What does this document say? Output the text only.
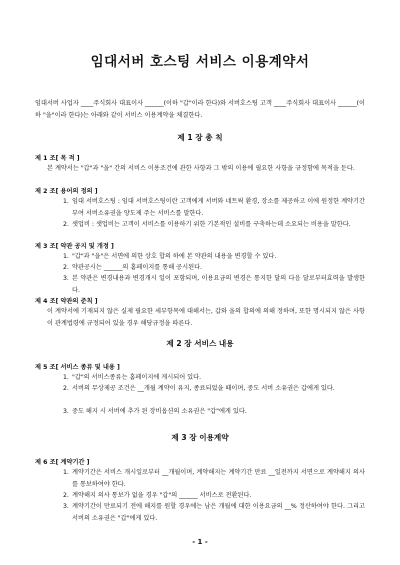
임대서버 호스팅 서비스 이용계약서
임대서버 사업자 ____주식회사 대표이사 ______(이하 "갑"이라 한다)와 서버호스팅 고객 ____주식회사 대표이사 ______(이하 "을"이라 한다)는 아래와 같이 서비스 이용계약을 체결한다.
제 1 장 총 칙
제 1 조[ 목 적 ]
본 계약서는 "갑"과 "을" 간의 서비스 이용조건에 관한 사항과 그 밖의 이용에 필요한 사항을 규정함에 목적을 둔다.
제 2 조[ 용어의 정의 ]
1. 임대 서버호스팅 : 임대 서버호스팅이란 고객에게 서버와 네트웍 환경, 장소를 제공하고 이에 원정한 계약기간 부여 서버소유권을 양도제 주는 서비스를 말한다.
2. 셋업비 : 셋업비는 고객이 서비스를 이용하기 위한 기본적인 설비를 구축하는데 소요되는 비용을 말한다.
제 3 조[ 약관 공지 및 개정 ]
1. "갑"과 "을"은 서면에 의한 상호 합의 하에 본 약관의 내용을 변경할 수 있다.
2. 약관공시는 ______의 홈페이지를 통해 공시된다.
3. 본 약관은 변경내용과 변경개시 일이 포함되며, 이용요금의 변경은 통지한 달의 다음 달로부터효력을 발생한다.
제 4 조[ 약관의 준칙 ]
이 계약서에 기재되지 않은 실제 필요한 세부항목에 대해서는, 갑와 을의 합의에 의해 정하며, 또한 명시되지 않은 사항이 관계법령에 규정되어 있을 경우 해당규정을 따른다.
제 2 장 서비스 내용
제 5 조[ 서비스 종류 및 내용 ]
1. "갑"의 서비스종류는 홈페이지에 게시되어 있다.
2. 서버의 무상제공 조건은 __개월 계약이 유지, 종료되었을 때이며, 중도 서버 소유권은 갑에게 있다.
3. 중도 해지 시 서버에 추가 된 장비옵션의 소유권은 "갑"에게 있다.
제 3 장 이용계약
제 6 조[ 계약기간 ]
1. 계약기간은 서비스 개시일로부터 __개월이며, 계약해지는 계약기간 만료 __일전까지 서면으로 계약해지 의사를 통보하여야 한다.
2. 계약해지 의사 통보가 없을 경우 "갑"의 ______ 서비스로 전환된다.
3. 계약기간이 만료되기 전에 해지를 원할 경우에는 남은 개월에 대한 이용요금의 __% 정산하여야 한다. 그리고 서버의 소유권은 "갑"에게 있다.
- 1 -
